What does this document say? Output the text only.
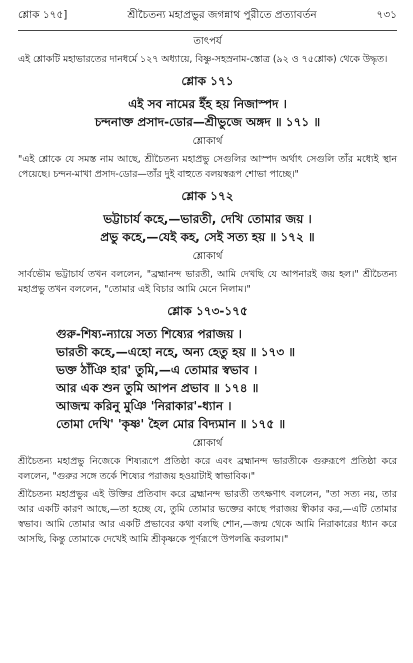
শ্লোক ১৭৫]	শ্রীচৈতন্য মহাপ্রভুর জগন্নাথ পুরীতে প্রত্যাবর্তন	৭৩১
তাৎপর্য
এই শ্লোকটি মহাভারতের দানধর্মে ১২৭ অধ্যায়ে, বিষ্ণু-সহস্রনাম-স্তোত্র (৯২ ও ৭৫শ্লোক) থেকে উদ্ধৃত।
শ্লোক ১৭১
এই সব নামের ইঁহ হয় নিজাস্পদ ।
চন্দনাক্ত প্রসাদ-ডোর—শ্রীভুজে অঙ্গদ ॥ ১৭১ ॥
শ্লোকার্থ
"এই শ্লোকে যে সমস্ত নাম আছে, শ্রীচৈতন্য মহাপ্রভু সেগুলির আস্পদ অর্থাৎ সেগুলি তাঁর মধ্যেই স্থান পেয়েছে। চন্দন-মাখা প্রসাদ-ডোর—তাঁর দুই বাহুতে বলয়স্বরূপ শোভা পাচ্ছে।"
শ্লোক ১৭২
ভট্টাচার্য কহে,—ভারতী, দেখি তোমার জয় ।
প্রভু কহে,—যেই কহ, সেই সত্য হয় ॥ ১৭২ ॥
শ্লোকার্থ
সার্বভৌম ভট্টাচার্য তখন বললেন, "ব্রহ্মানন্দ ভারতী, আমি দেখছি যে আপনারই জয় হল।" শ্রীচৈতন্য মহাপ্রভু তখন বললেন, "তোমার এই বিচার আমি মেনে নিলাম।"
শ্লোক ১৭৩-১৭৫
গুরু-শিষ্য-ন্যায়ে সত্য শিষ্যের পরাজয় ।
ভারতী কহে,—এহো নহে, অন্য হেতু হয় ॥ ১৭৩ ॥
ভক্ত ঠাঁঞি হার' তুমি,—এ তোমার স্বভাব ।
আর এক শুন তুমি আপন প্রভাব ॥ ১৭৪ ॥
আজন্ম করিনু মুঞি 'নিরাকার'-ধ্যান ।
তোমা দেখি' 'কৃষ্ণ' হৈল মোর বিদ্যমান ॥ ১৭৫ ॥
শ্লোকার্থ
শ্রীচৈতন্য মহাপ্রভু নিজেকে শিষ্যরূপে প্রতিষ্ঠা করে এবং ব্রহ্মানন্দ ভারতীকে গুরুরূপে প্রতিষ্ঠা করে বললেন, "গুরুর সঙ্গে তর্কে শিষ্যের পরাজয় হওয়াটাই স্বাভাবিক।"
শ্রীচৈতন্য মহাপ্রভুর এই উক্তির প্রতিবাদ করে ব্রহ্মানন্দ ভারতী তৎক্ষণাৎ বললেন, "তা সত্য নয়, তার আর একটি কারণ আছে,—তা হচ্ছে যে, তুমি তোমার ভক্তের কাছে পরাজয় স্বীকার কর,—এটি তোমার স্বভাব। আমি তোমার আর একটি প্রভাবের কথা বলছি শোন,—জন্ম থেকে আমি নিরাকারের ধ্যান করে আসছি, কিন্তু তোমাকে দেখেই আমি শ্রীকৃষ্ণকে পূর্ণরূপে উপলব্ধি করলাম।"
